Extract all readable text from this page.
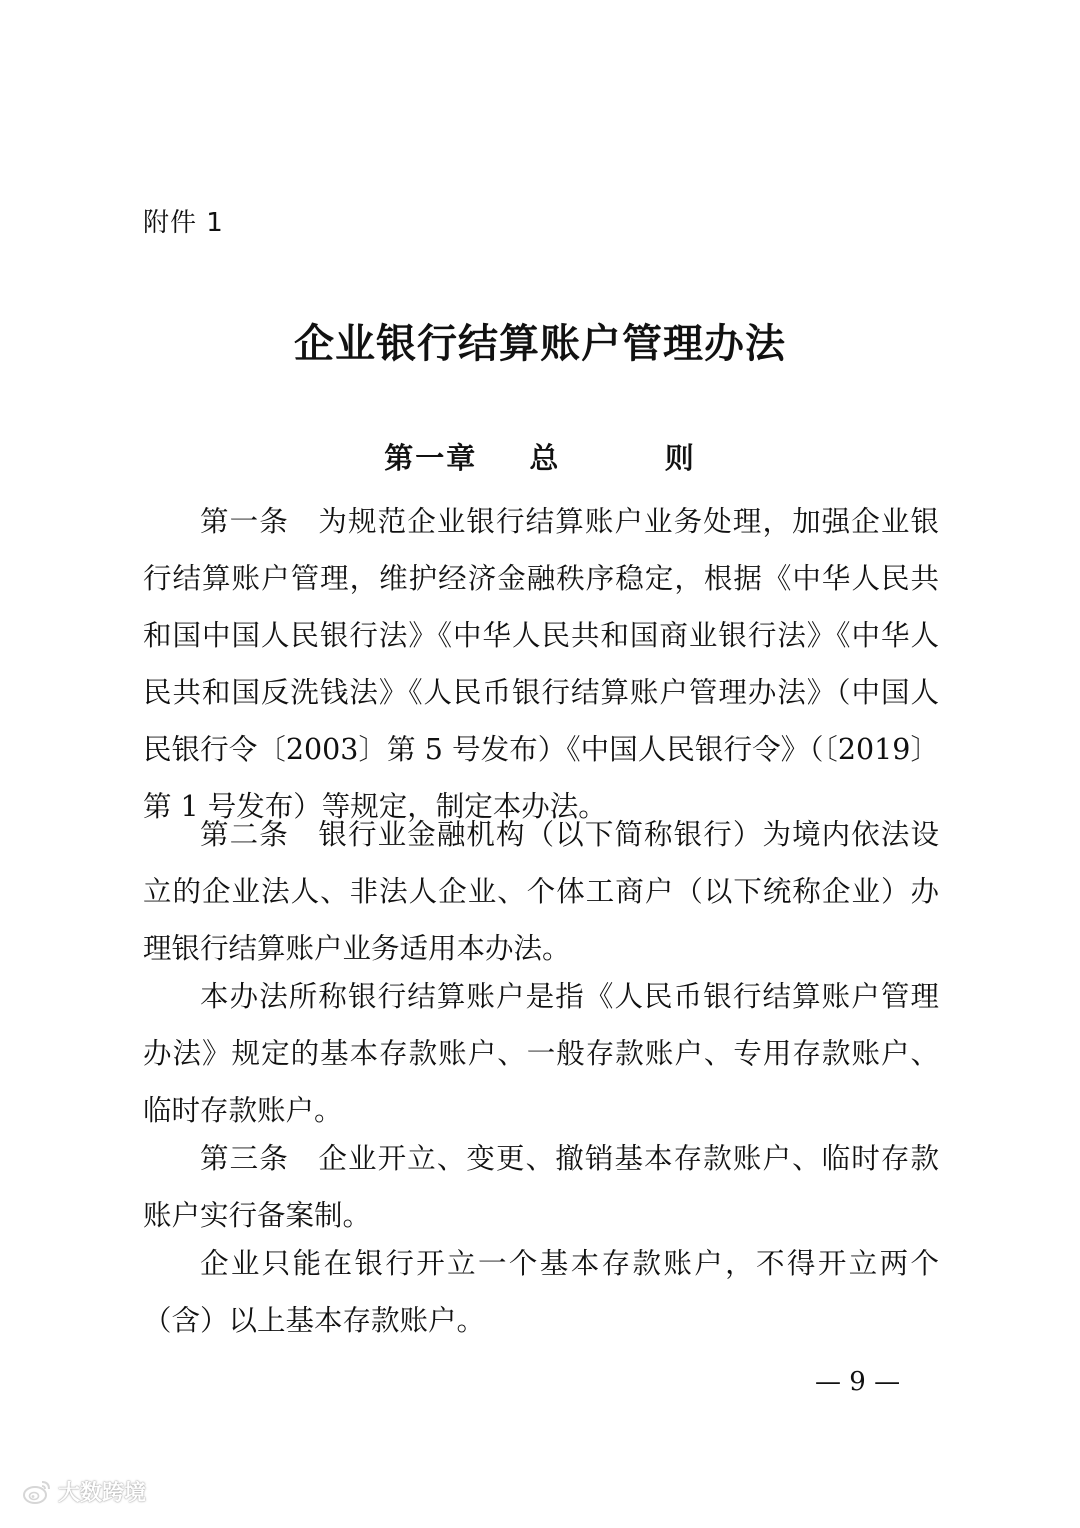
附件 1
企业银行结算账户管理办法
第一章  总    则

第一条　为规范企业银行结算账户业务处理，加强企业银行结算账户管理，维护经济金融秩序稳定，根据《中华人民共和国中国人民银行法》《中华人民共和国商业银行法》《中华人民共和国反洗钱法》《人民币银行结算账户管理办法》（中国人民银行令〔2003〕第 5 号发布）《中国人民银行令》（〔2019〕第 1 号发布）等规定，制定本办法。

第二条　银行业金融机构（以下简称银行）为境内依法设立的企业法人、非法人企业、个体工商户（以下统称企业）办理银行结算账户业务适用本办法。

本办法所称银行结算账户是指《人民币银行结算账户管理办法》规定的基本存款账户、一般存款账户、专用存款账户、临时存款账户。

第三条　企业开立、变更、撤销基本存款账户、临时存款账户实行备案制。

企业只能在银行开立一个基本存款账户，不得开立两个（含）以上基本存款账户。

— 9 —
大数跨境
